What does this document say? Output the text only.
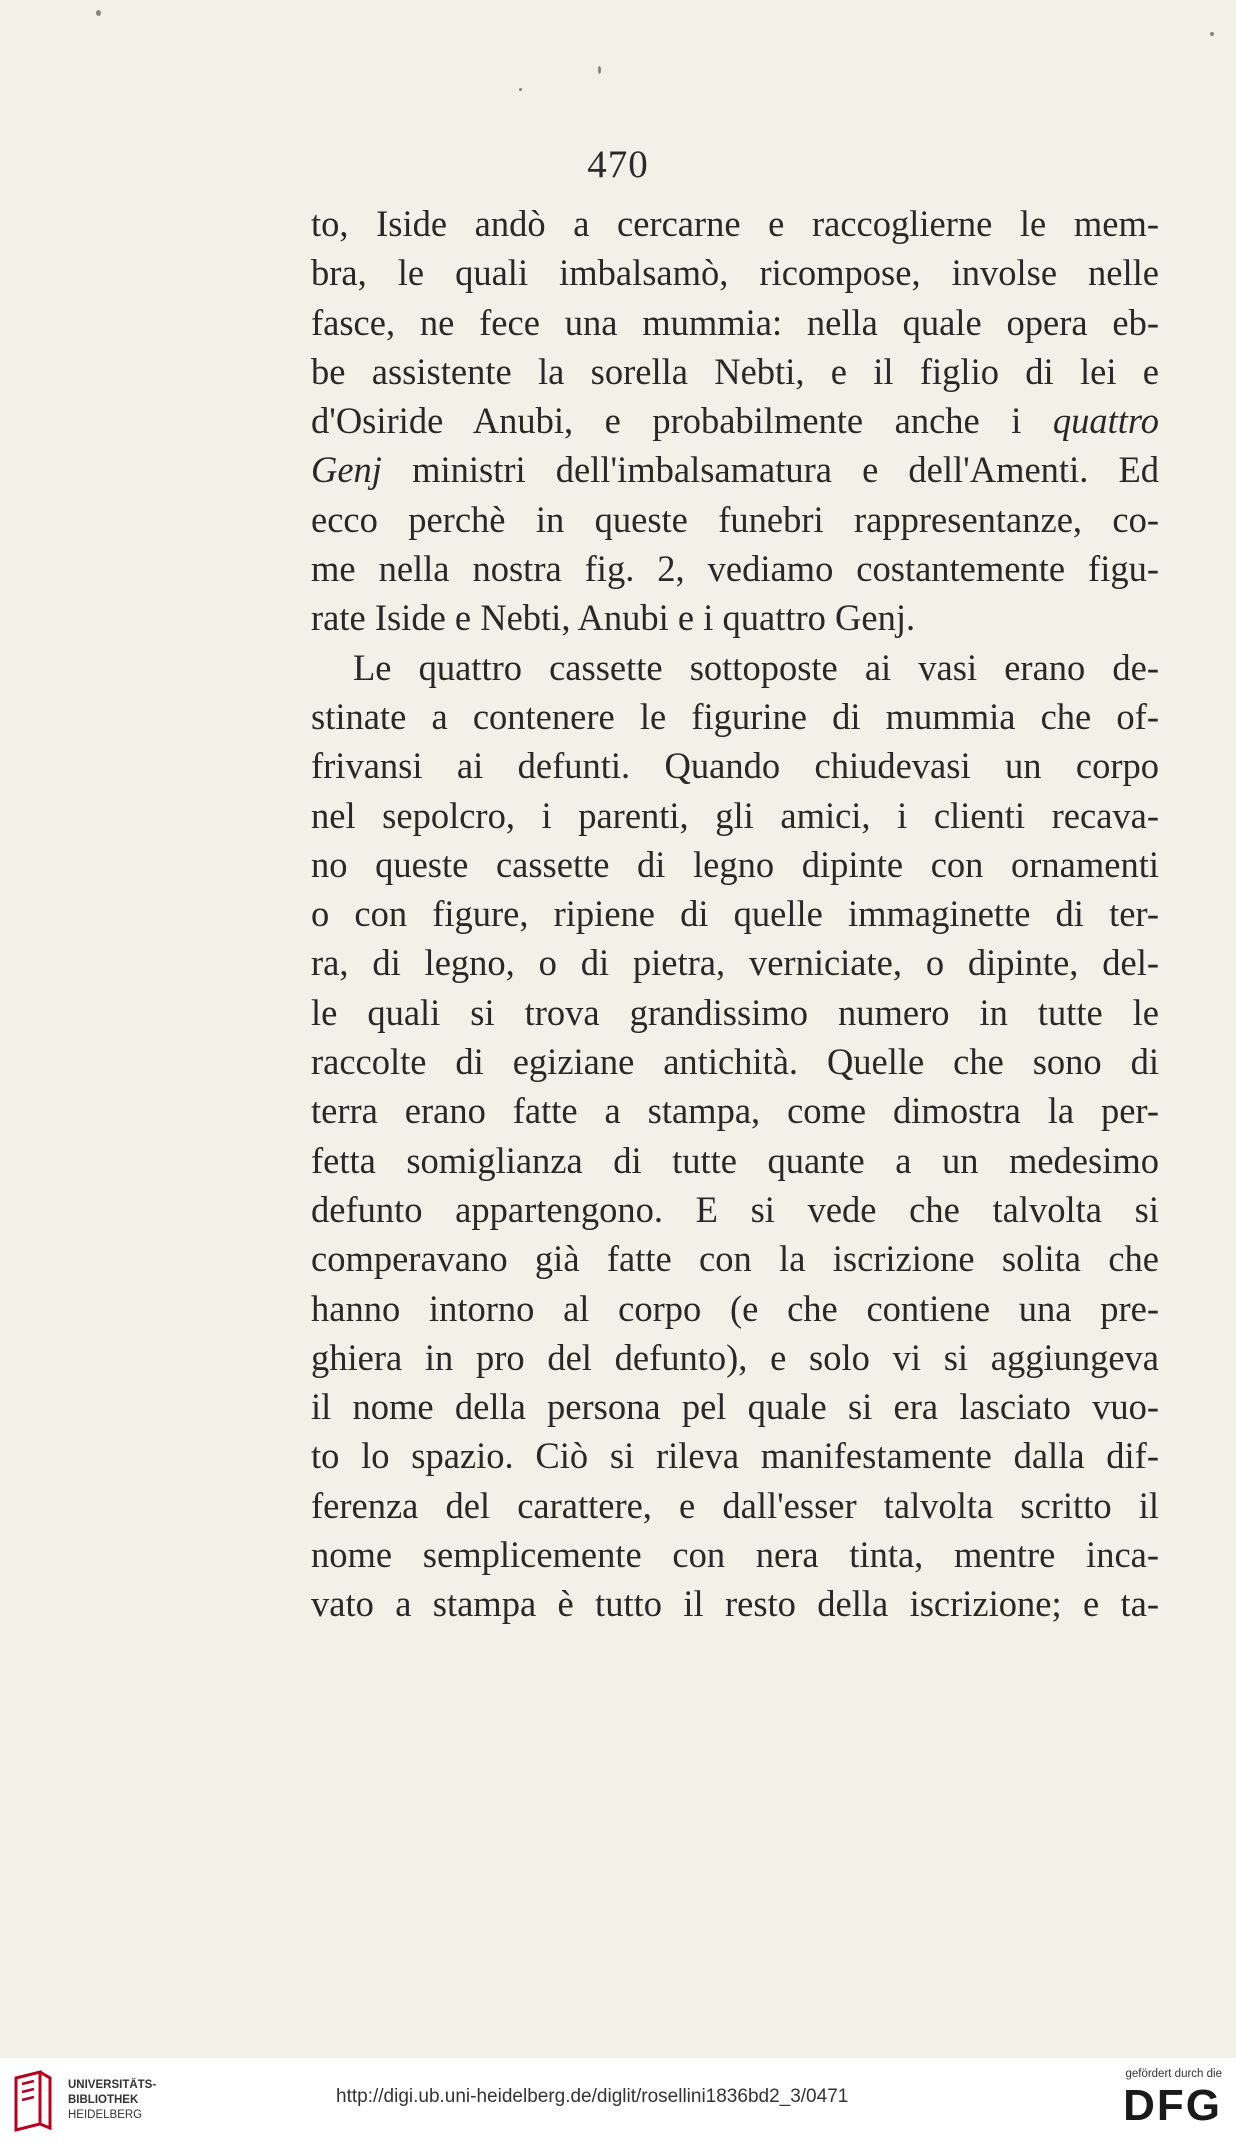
470
to, Iside andò a cercarne e raccoglierne le mem-
bra, le quali imbalsamò, ricompose, involse nelle
fasce, ne fece una mummia: nella quale opera eb-
be assistente la sorella Nebti, e il figlio di lei e
d'Osiride Anubi, e probabilmente anche i quattro
Genj ministri dell'imbalsamatura e dell'Amenti. Ed
ecco perchè in queste funebri rappresentanze, co-
me nella nostra fig. 2, vediamo costantemente figu-
rate Iside e Nebti, Anubi e i quattro Genj.
Le quattro cassette sottoposte ai vasi erano de-
stinate a contenere le figurine di mummia che of-
frivansi ai defunti. Quando chiudevasi un corpo
nel sepolcro, i parenti, gli amici, i clienti recava-
no queste cassette di legno dipinte con ornamenti
o con figure, ripiene di quelle immaginette di ter-
ra, di legno, o di pietra, verniciate, o dipinte, del-
le quali si trova grandissimo numero in tutte le
raccolte di egiziane antichità. Quelle che sono di
terra erano fatte a stampa, come dimostra la per-
fetta somiglianza di tutte quante a un medesimo
defunto appartengono. E si vede che talvolta si
comperavano già fatte con la iscrizione solita che
hanno intorno al corpo (e che contiene una pre-
ghiera in pro del defunto), e solo vi si aggiungeva
il nome della persona pel quale si era lasciato vuo-
to lo spazio. Ciò si rileva manifestamente dalla dif-
ferenza del carattere, e dall'esser talvolta scritto il
nome semplicemente con nera tinta, mentre inca-
vato a stampa è tutto il resto della iscrizione; e ta-
UNIVERSITÄTS-
BIBLIOTHEK
HEIDELBERG
http://digi.ub.uni-heidelberg.de/diglit/rosellini1836bd2_3/0471
gefördert durch die
DFG
